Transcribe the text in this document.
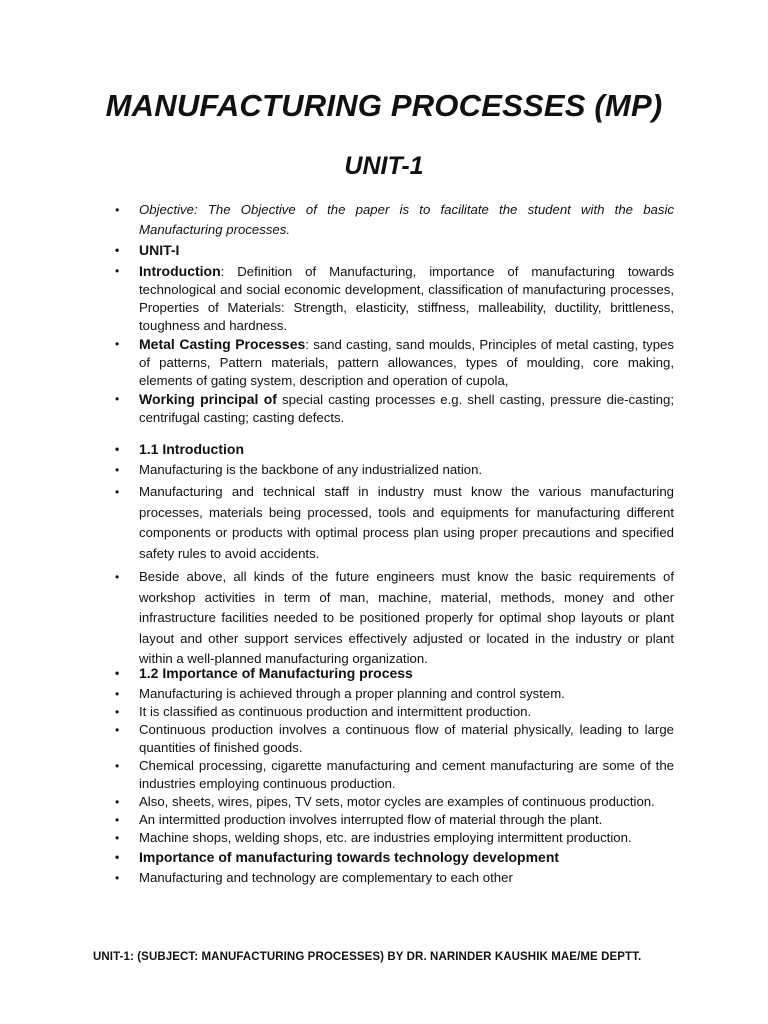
MANUFACTURING PROCESSES (MP)
UNIT-1
• Objective: The Objective of the paper is to facilitate the student with the basic Manufacturing processes.
• UNIT-I
• Introduction: Definition of Manufacturing, importance of manufacturing towards technological and social economic development, classification of manufacturing processes, Properties of Materials: Strength, elasticity, stiffness, malleability, ductility, brittleness, toughness and hardness.
• Metal Casting Processes: sand casting, sand moulds, Principles of metal casting, types of patterns, Pattern materials, pattern allowances, types of moulding, core making, elements of gating system, description and operation of cupola,
• Working principal of special casting processes e.g. shell casting, pressure die-casting; centrifugal casting; casting defects.
• 1.1 Introduction
• Manufacturing is the backbone of any industrialized nation.
• Manufacturing and technical staff in industry must know the various manufacturing processes, materials being processed, tools and equipments for manufacturing different components or products with optimal process plan using proper precautions and specified safety rules to avoid accidents.
• Beside above, all kinds of the future engineers must know the basic requirements of workshop activities in term of man, machine, material, methods, money and other infrastructure facilities needed to be positioned properly for optimal shop layouts or plant layout and other support services effectively adjusted or located in the industry or plant within a well-planned manufacturing organization.
• 1.2 Importance of Manufacturing process
• Manufacturing is achieved through a proper planning and control system.
• It is classified as continuous production and intermittent production.
• Continuous production involves a continuous flow of material physically, leading to large quantities of finished goods.
• Chemical processing, cigarette manufacturing and cement manufacturing are some of the industries employing continuous production.
• Also, sheets, wires, pipes, TV sets, motor cycles are examples of continuous production.
• An intermitted production involves interrupted flow of material through the plant.
• Machine shops, welding shops, etc. are industries employing intermittent production.
• Importance of manufacturing towards technology development
• Manufacturing and technology are complementary to each other
UNIT-1: (SUBJECT: MANUFACTURING PROCESSES) BY DR. NARINDER KAUSHIK MAE/ME DEPTT.
